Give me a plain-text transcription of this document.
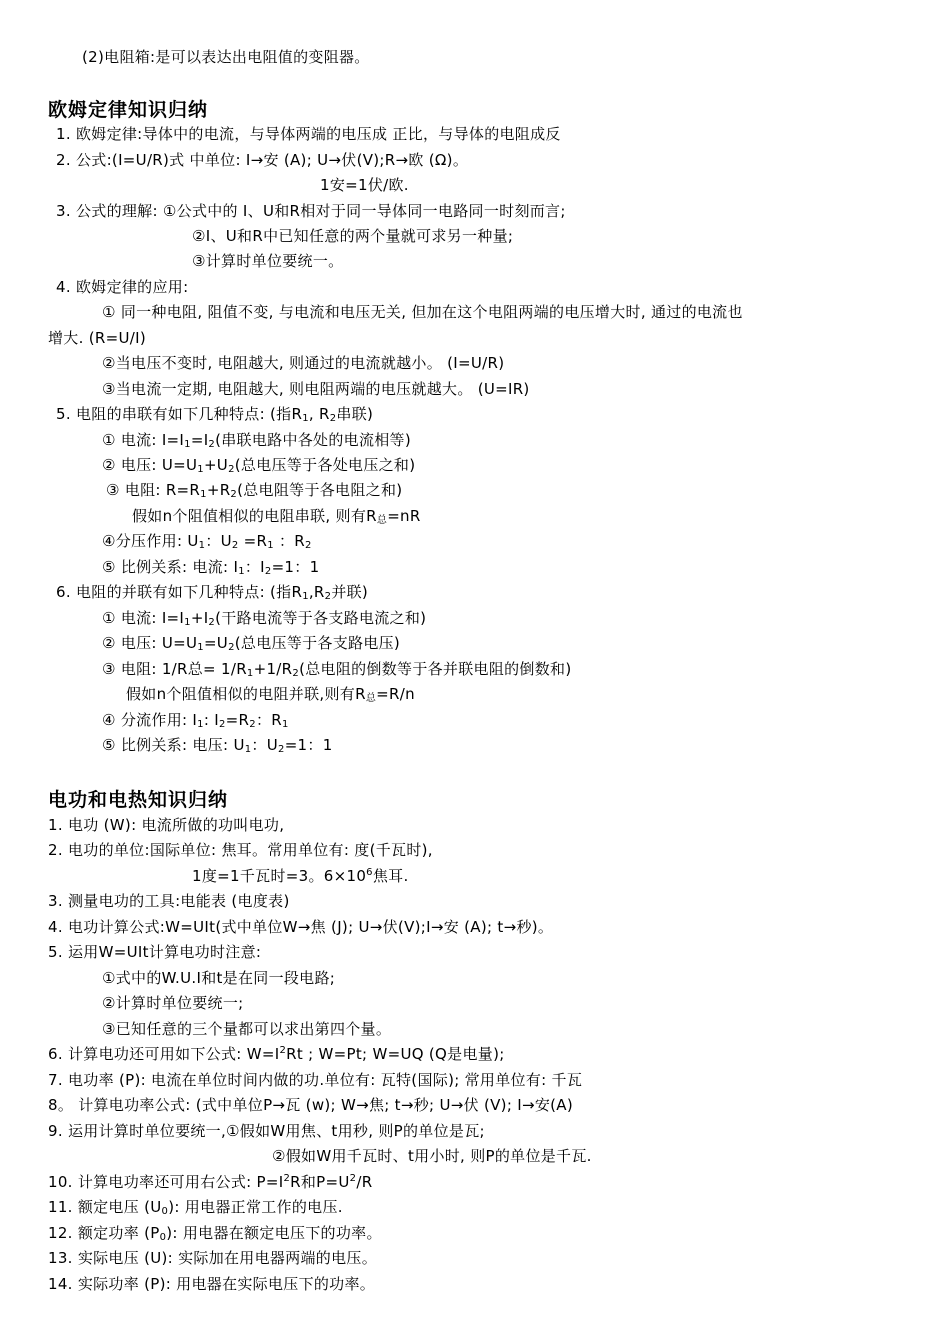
(2)电阻箱:是可以表达出电阻值的变阻器。
欧姆定律知识归纳
1. 欧姆定律:导体中的电流，与导体两端的电压成 正比，与导体的电阻成反
2. 公式:(I=U/R)式 中单位: I→安 (A); U→伏(V);R→欧 (Ω)。
1安=1伏/欧.
3. 公式的理解: ①公式中的 I、U和R相对于同一导体同一电路同一时刻而言;
②I、U和R中已知任意的两个量就可求另一种量;
③计算时单位要统一。
4. 欧姆定律的应用:
① 同一种电阻, 阻值不变, 与电流和电压无关, 但加在这个电阻两端的电压增大时, 通过的电流也
增大. (R=U/I)
②当电压不变时, 电阻越大, 则通过的电流就越小。 (I=U/R)
③当电流一定期, 电阻越大, 则电阻两端的电压就越大。 (U=IR)
5. 电阻的串联有如下几种特点: (指$R_1$, $R_2$串联)
① 电流: $I=I_1=I_2$(串联电路中各处的电流相等)
② 电压: $U=U_1+U_2$(总电压等于各处电压之和)
③ 电阻: $R=R_1+R_2$(总电阻等于各电阻之和)
假如n个阻值相似的电阻串联, 则有$R_总=nR$
④分压作用: $U_1$：$U_2 =R_1$ ：$R_2$
⑤ 比例关系: 电流: $I_1$：$I_2=1$：1
6. 电阻的并联有如下几种特点: (指$R_1,R_2$并联)
① 电流: $I=I_1+I_2$(干路电流等于各支路电流之和)
② 电压: $U=U_1=U_2$(总电压等于各支路电压)
③ 电阻: 1/R总= $1/R_1+1/R_2$(总电阻的倒数等于各并联电阻的倒数和)
假如n个阻值相似的电阻并联,则有$R_总=R/n$
④ 分流作用: $I_1$: $I_2=R_2$：$R_1$
⑤ 比例关系: 电压: $U_1$：$U_2=1$：1
电功和电热知识归纳
1. 电功 (W): 电流所做的功叫电功,
2. 电功的单位:国际单位: 焦耳。常用单位有: 度(千瓦时),
1度=1千瓦时=3。$6\times 10^6$焦耳.
3. 测量电功的工具:电能表 (电度表)
4. 电功计算公式:W=UIt(式中单位W→焦 (J); U→伏(V);I→安 (A); t→秒)。
5. 运用W=UIt计算电功时注意:
①式中的W.U.I和t是在同一段电路;
②计算时单位要统一;
③已知任意的三个量都可以求出第四个量。
6. 计算电功还可用如下公式: $W=I^2Rt$ ; W=Pt; W=UQ (Q是电量);
7. 电功率 (P): 电流在单位时间内做的功.单位有: 瓦特(国际); 常用单位有: 千瓦
8。 计算电功率公式: (式中单位P→瓦 (w); W→焦; t→秒; U→伏 (V); I→安(A)
9. 运用计算时单位要统一,①假如W用焦、t用秒, 则P的单位是瓦;
②假如W用千瓦时、t用小时, 则P的单位是千瓦.
10. 计算电功率还可用右公式: $P=I^2R$和$P=U^2/R$
11. 额定电压 $(U_0)$: 用电器正常工作的电压.
12. 额定功率 $(P_0)$: 用电器在额定电压下的功率。
13. 实际电压 (U): 实际加在用电器两端的电压。
14. 实际功率 (P): 用电器在实际电压下的功率。
